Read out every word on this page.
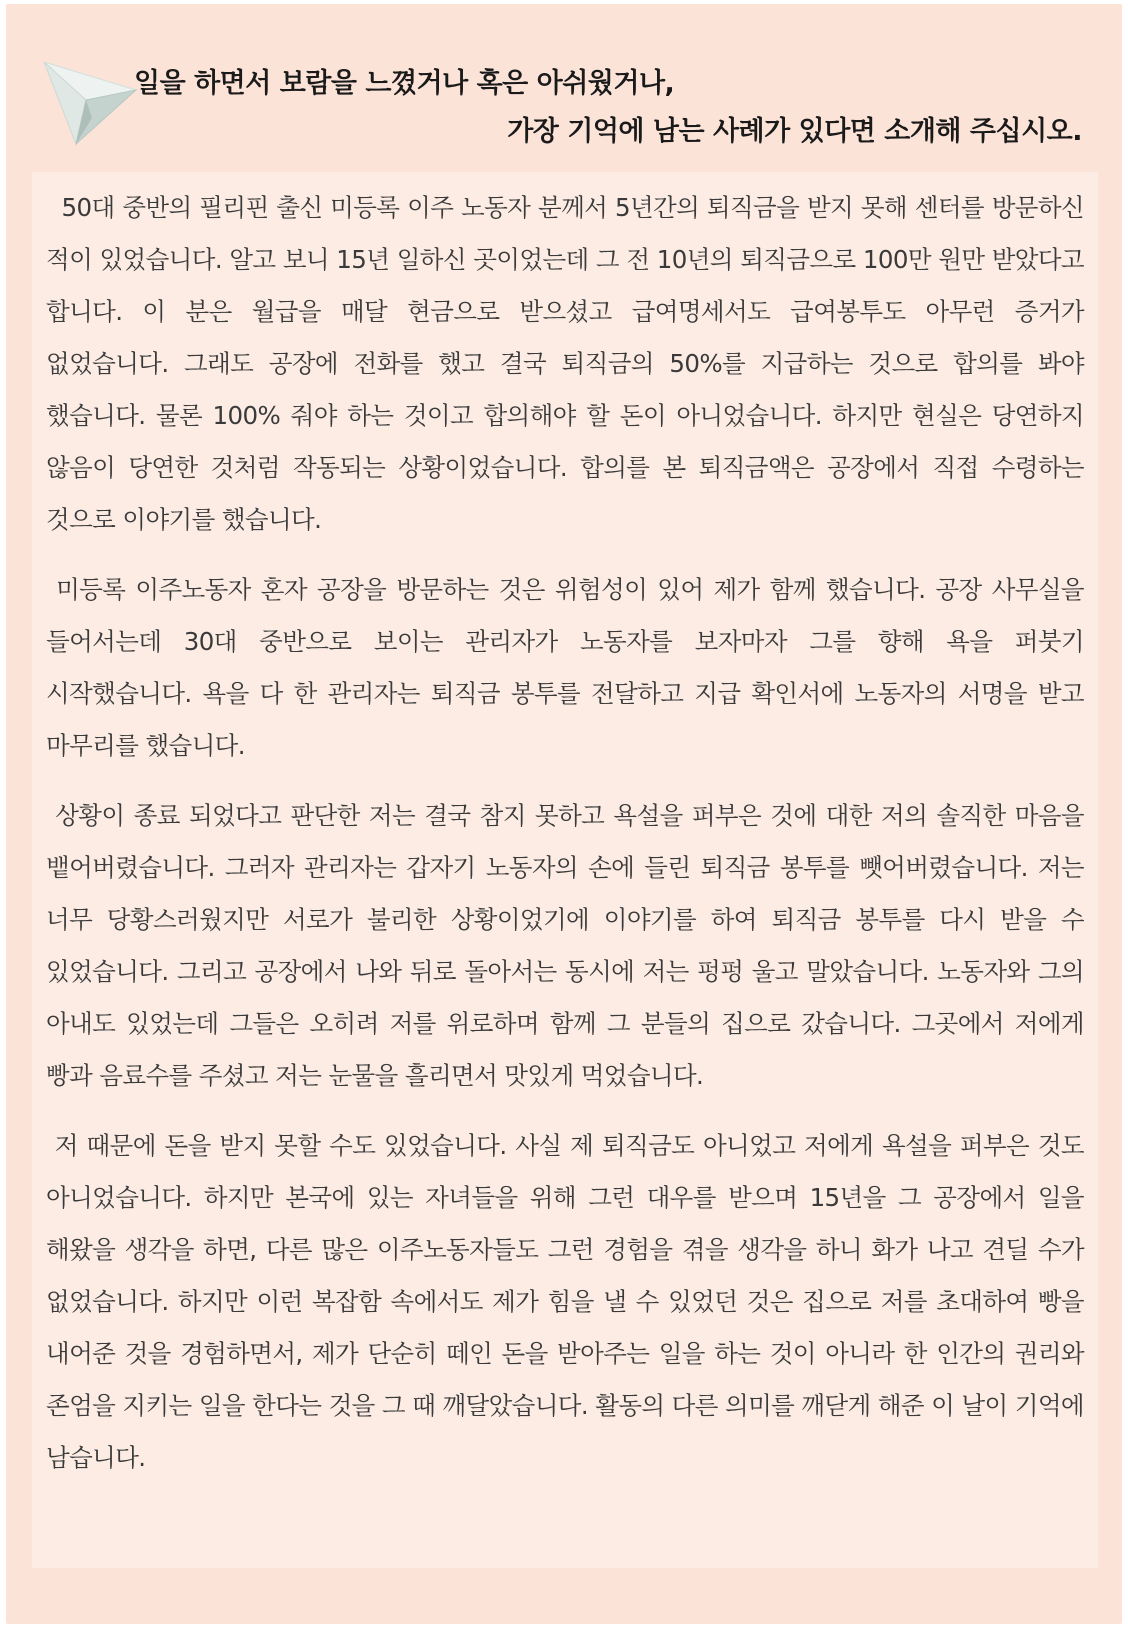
일을 하면서 보람을 느꼈거나 혹은 아쉬웠거나,
가장 기억에 남는 사례가 있다면 소개해 주십시오.

50대 중반의 필리핀 출신 미등록 이주 노동자 분께서 5년간의 퇴직금을 받지 못해 센터를 방문하신 적이 있었습니다. 알고 보니 15년 일하신 곳이었는데 그 전 10년의 퇴직금으로 100만 원만 받았다고 합니다. 이 분은 월급을 매달 현금으로 받으셨고 급여명세서도 급여봉투도 아무런 증거가 없었습니다. 그래도 공장에 전화를 했고 결국 퇴직금의 50%를 지급하는 것으로 합의를 봐야 했습니다. 물론 100% 줘야 하는 것이고 합의해야 할 돈이 아니었습니다. 하지만 현실은 당연하지 않음이 당연한 것처럼 작동되는 상황이었습니다. 합의를 본 퇴직금액은 공장에서 직접 수령하는 것으로 이야기를 했습니다.

미등록 이주노동자 혼자 공장을 방문하는 것은 위험성이 있어 제가 함께 했습니다. 공장 사무실을 들어서는데 30대 중반으로 보이는 관리자가 노동자를 보자마자 그를 향해 욕을 퍼붓기 시작했습니다. 욕을 다 한 관리자는 퇴직금 봉투를 전달하고 지급 확인서에 노동자의 서명을 받고 마무리를 했습니다.

상황이 종료 되었다고 판단한 저는 결국 참지 못하고 욕설을 퍼부은 것에 대한 저의 솔직한 마음을 뱉어버렸습니다. 그러자 관리자는 갑자기 노동자의 손에 들린 퇴직금 봉투를 뺏어버렸습니다. 저는 너무 당황스러웠지만 서로가 불리한 상황이었기에 이야기를 하여 퇴직금 봉투를 다시 받을 수 있었습니다. 그리고 공장에서 나와 뒤로 돌아서는 동시에 저는 펑펑 울고 말았습니다. 노동자와 그의 아내도 있었는데 그들은 오히려 저를 위로하며 함께 그 분들의 집으로 갔습니다. 그곳에서 저에게 빵과 음료수를 주셨고 저는 눈물을 흘리면서 맛있게 먹었습니다.

저 때문에 돈을 받지 못할 수도 있었습니다. 사실 제 퇴직금도 아니었고 저에게 욕설을 퍼부은 것도 아니었습니다. 하지만 본국에 있는 자녀들을 위해 그런 대우를 받으며 15년을 그 공장에서 일을 해왔을 생각을 하면, 다른 많은 이주노동자들도 그런 경험을 겪을 생각을 하니 화가 나고 견딜 수가 없었습니다. 하지만 이런 복잡함 속에서도 제가 힘을 낼 수 있었던 것은 집으로 저를 초대하여 빵을 내어준 것을 경험하면서, 제가 단순히 떼인 돈을 받아주는 일을 하는 것이 아니라 한 인간의 권리와 존엄을 지키는 일을 한다는 것을 그 때 깨달았습니다. 활동의 다른 의미를 깨닫게 해준 이 날이 기억에 남습니다.
